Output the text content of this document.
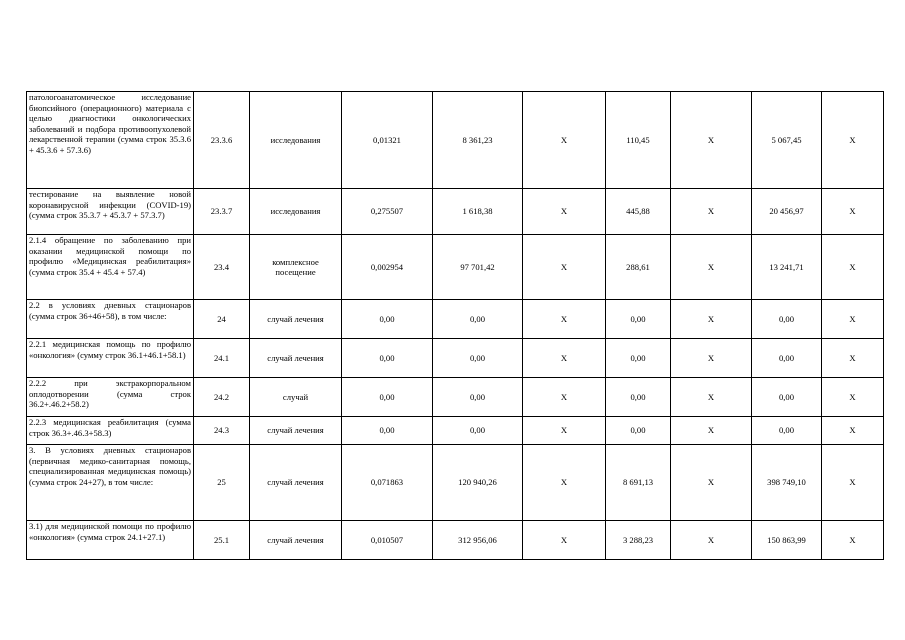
патологоанатомическое исследование биопсийного (операционного) материала с целью диагностики онкологических заболеваний и подбора противоопухолевой лекарственной терапии (сумма строк 35.3.6 + 45.3.6 + 57.3.6)	23.3.6	исследования	0,01321	8 361,23	Х	110,45	Х	5 067,45	Х
тестирование на выявление новой коронавирусной инфекции (COVID-19) (сумма строк 35.3.7 + 45.3.7 + 57.3.7)	23.3.7	исследования	0,275507	1 618,38	Х	445,88	Х	20 456,97	Х
2.1.4 обращение по заболеванию при оказании медицинской помощи по профилю «Медицинская реабилитация» (сумма строк 35.4 + 45.4 + 57.4)	23.4	комплексное посещение	0,002954	97 701,42	Х	288,61	Х	13 241,71	Х
2.2 в условиях дневных стационаров (сумма строк 36+46+58), в том числе:	24	случай лечения	0,00	0,00	Х	0,00	Х	0,00	Х
2.2.1 медицинская помощь по профилю «онкология» (сумму строк 36.1+46.1+58.1)	24.1	случай лечения	0,00	0,00	Х	0,00	Х	0,00	Х
2.2.2 при экстракорпоральном оплодотворении (сумма строк 36.2+.46.2+58.2)	24.2	случай	0,00	0,00	Х	0,00	Х	0,00	Х
2.2.3 медицинская реабилитация (сумма строк 36.3+.46.3+58.3)	24.3	случай лечения	0,00	0,00	Х	0,00	Х	0,00	Х
3. В условиях дневных стационаров (первичная медико-санитарная помощь, специализированная медицинская помощь) (сумма строк 24+27), в том числе:	25	случай лечения	0,071863	120 940,26	Х	8 691,13	Х	398 749,10	Х
3.1) для медицинской помощи по профилю «онкология» (сумма строк 24.1+27.1)	25.1	случай лечения	0,010507	312 956,06	Х	3 288,23	Х	150 863,99	Х
